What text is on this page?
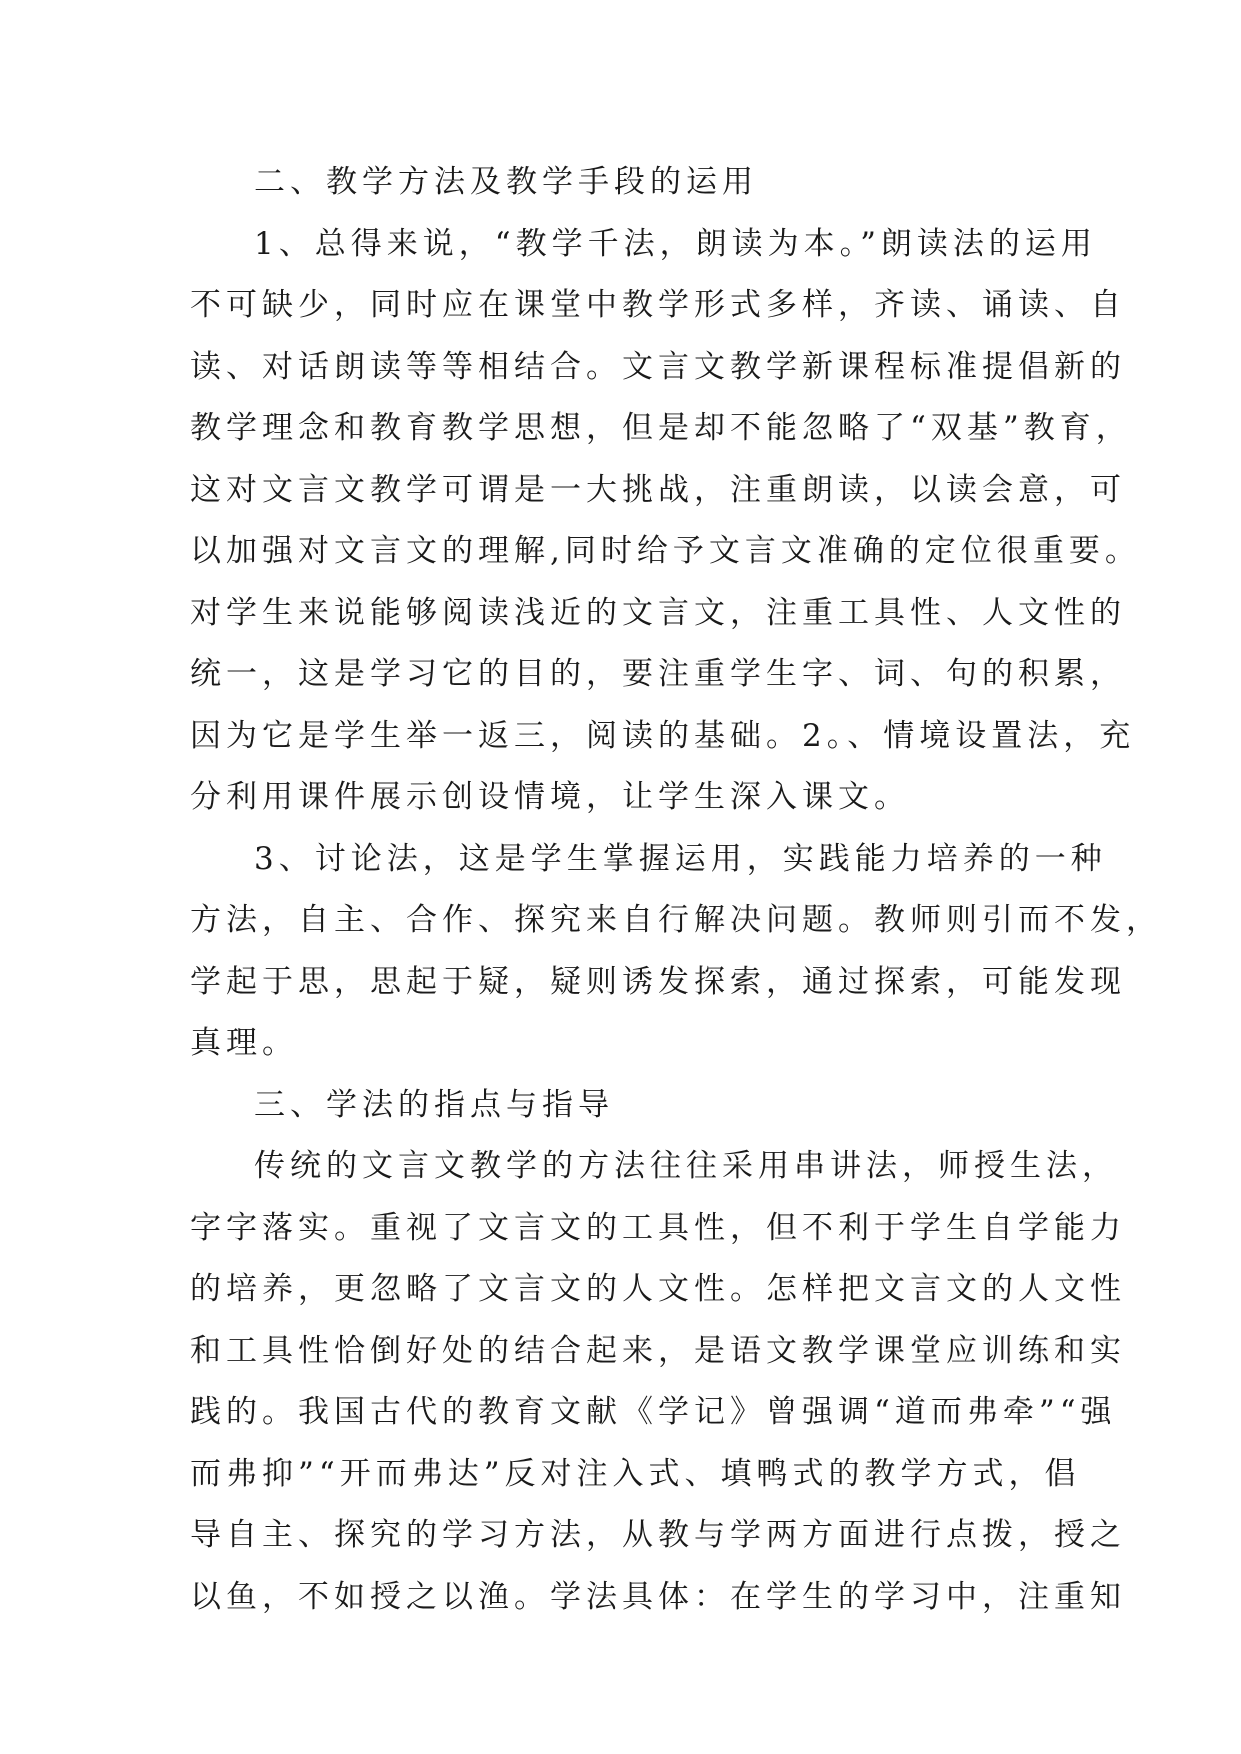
二、教学方法及教学手段的运用
1、总得来说，“教学千法，朗读为本。”朗读法的运用
不可缺少，同时应在课堂中教学形式多样，齐读、诵读、自
读、对话朗读等等相结合。文言文教学新课程标准提倡新的
教学理念和教育教学思想，但是却不能忽略了“双基”教育，
这对文言文教学可谓是一大挑战，注重朗读，以读会意，可
以加强对文言文的理解,同时给予文言文准确的定位很重要。
对学生来说能够阅读浅近的文言文，注重工具性、人文性的
统一，这是学习它的目的，要注重学生字、词、句的积累，
因为它是学生举一返三，阅读的基础。2。、情境设置法，充
分利用课件展示创设情境，让学生深入课文。
3、讨论法，这是学生掌握运用，实践能力培养的一种
方法，自主、合作、探究来自行解决问题。教师则引而不发，
学起于思，思起于疑，疑则诱发探索，通过探索，可能发现
真理。
三、学法的指点与指导
传统的文言文教学的方法往往采用串讲法，师授生法，
字字落实。重视了文言文的工具性，但不利于学生自学能力
的培养，更忽略了文言文的人文性。怎样把文言文的人文性
和工具性恰倒好处的结合起来，是语文教学课堂应训练和实
践的。我国古代的教育文献《学记》曾强调“道而弗牵”“强
而弗抑”“开而弗达”反对注入式、填鸭式的教学方式，倡
导自主、探究的学习方法，从教与学两方面进行点拨，授之
以鱼，不如授之以渔。学法具体：在学生的学习中，注重知
